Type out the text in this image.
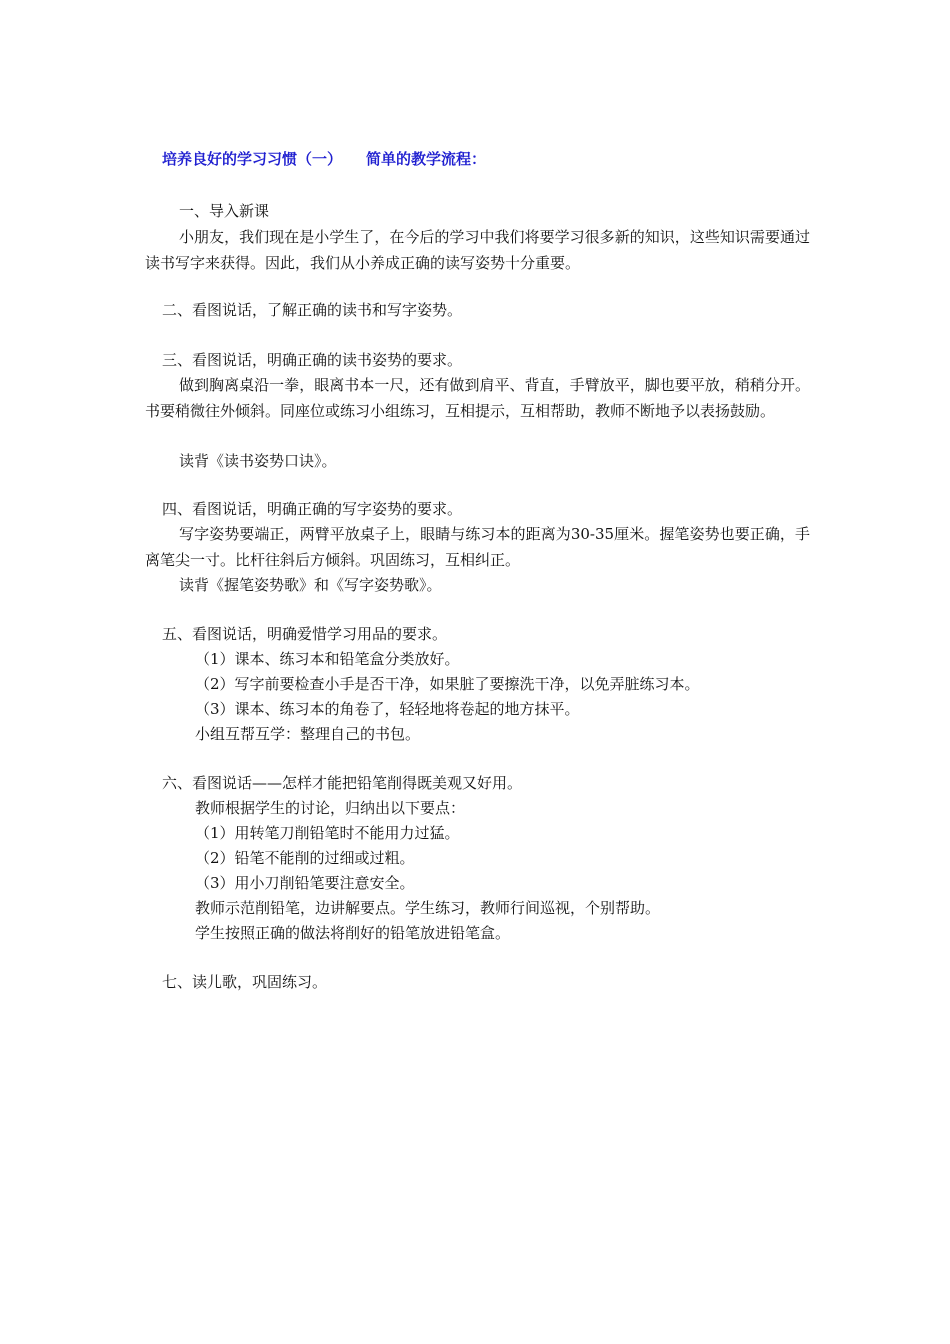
培养良好的学习习惯（一） 简单的教学流程：
一、导入新课
小朋友，我们现在是小学生了，在今后的学习中我们将要学习很多新的知识，这些知识需要通过读书写字来获得。因此，我们从小养成正确的读写姿势十分重要。
二、看图说话，了解正确的读书和写字姿势。
三、看图说话，明确正确的读书姿势的要求。
做到胸离桌沿一拳，眼离书本一尺，还有做到肩平、背直，手臂放平，脚也要平放，稍稍分开。书要稍微往外倾斜。同座位或练习小组练习，互相提示，互相帮助，教师不断地予以表扬鼓励。
读背《读书姿势口诀》。
四、看图说话，明确正确的写字姿势的要求。
写字姿势要端正，两臂平放桌子上，眼睛与练习本的距离为30-35厘米。握笔姿势也要正确，手离笔尖一寸。比杆往斜后方倾斜。巩固练习，互相纠正。
读背《握笔姿势歌》和《写字姿势歌》。
五、看图说话，明确爱惜学习用品的要求。
（1）课本、练习本和铅笔盒分类放好。
（2）写字前要检查小手是否干净，如果脏了要擦洗干净，以免弄脏练习本。
（3）课本、练习本的角卷了，轻轻地将卷起的地方抹平。
小组互帮互学：整理自己的书包。
六、看图说话——怎样才能把铅笔削得既美观又好用。
教师根据学生的讨论，归纳出以下要点：
（1）用转笔刀削铅笔时不能用力过猛。
（2）铅笔不能削的过细或过粗。
（3）用小刀削铅笔要注意安全。
教师示范削铅笔，边讲解要点。学生练习，教师行间巡视，个别帮助。
学生按照正确的做法将削好的铅笔放进铅笔盒。
七、读儿歌，巩固练习。
